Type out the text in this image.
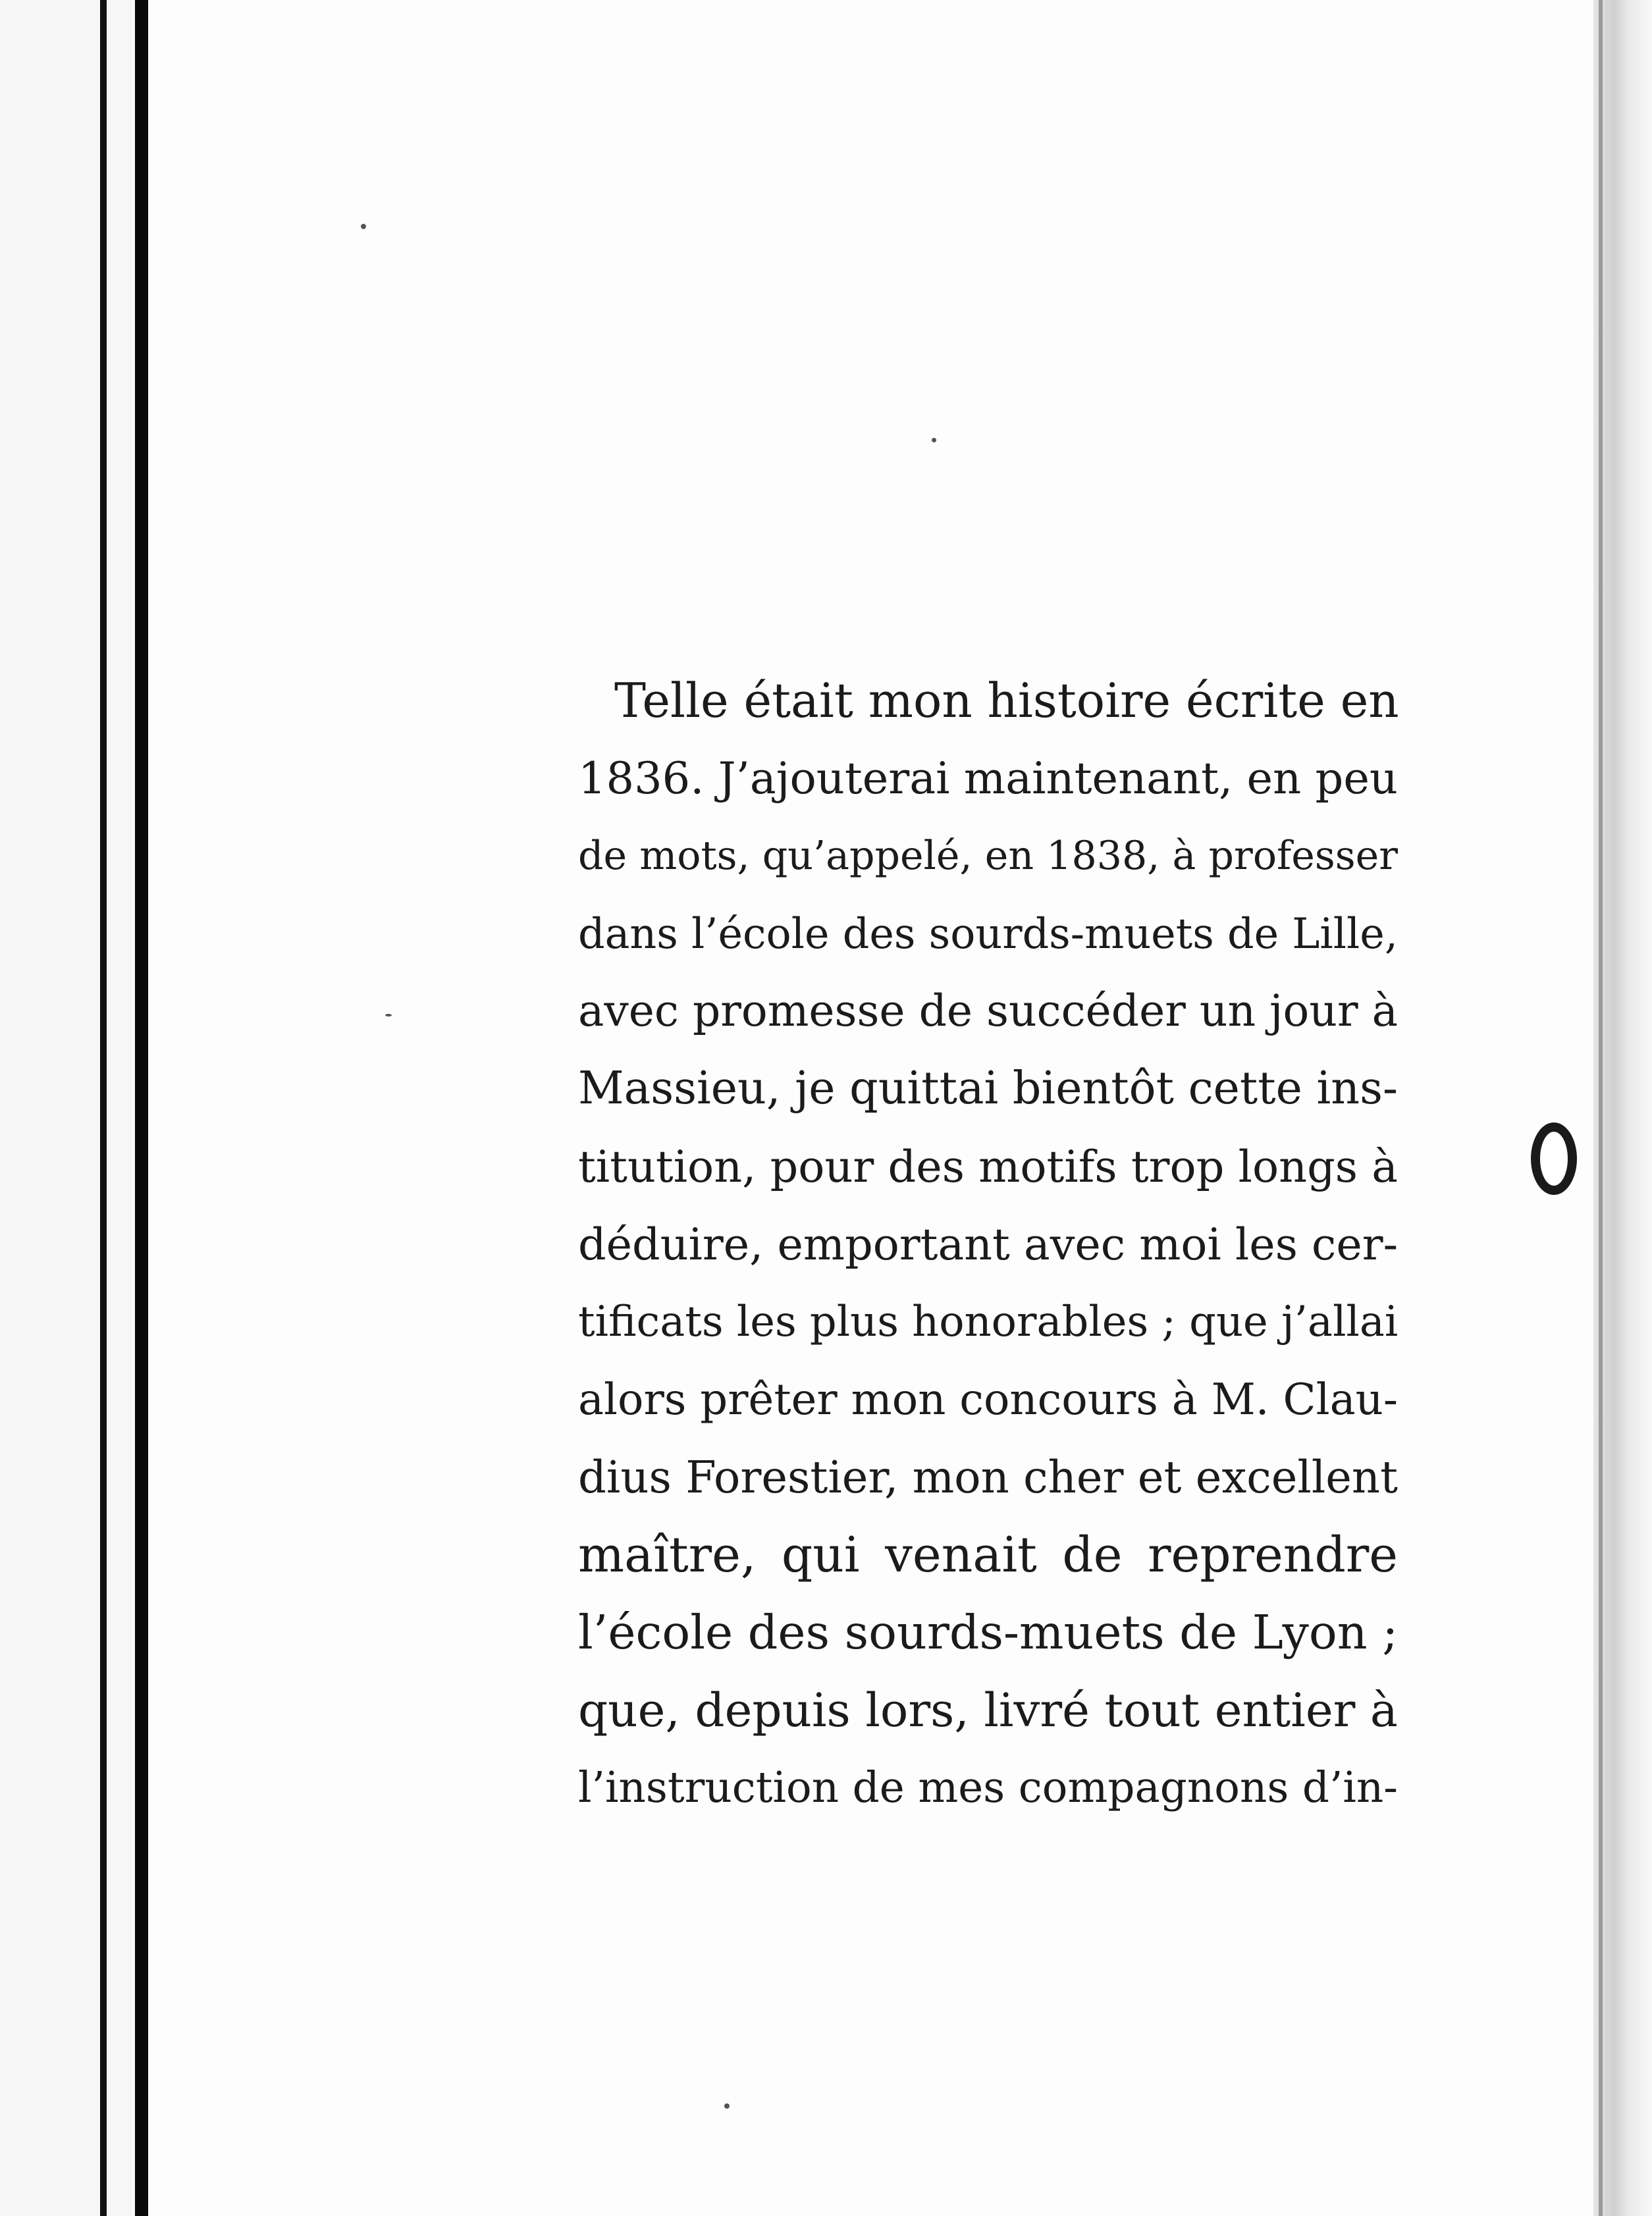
Telle était mon histoire écrite en
1836. J’ajouterai maintenant, en peu
de mots, qu’appelé, en 1838, à professer
dans l’école des sourds-muets de Lille,
avec promesse de succéder un jour à
Massieu, je quittai bientôt cette ins-
titution, pour des motifs trop longs à
déduire, emportant avec moi les cer-
tificats les plus honorables ; que j’allai
alors prêter mon concours à M. Clau-
dius Forestier, mon cher et excellent
maître, qui venait de reprendre
l’école des sourds-muets de Lyon ;
que, depuis lors, livré tout entier à
l’instruction de mes compagnons d’in-
